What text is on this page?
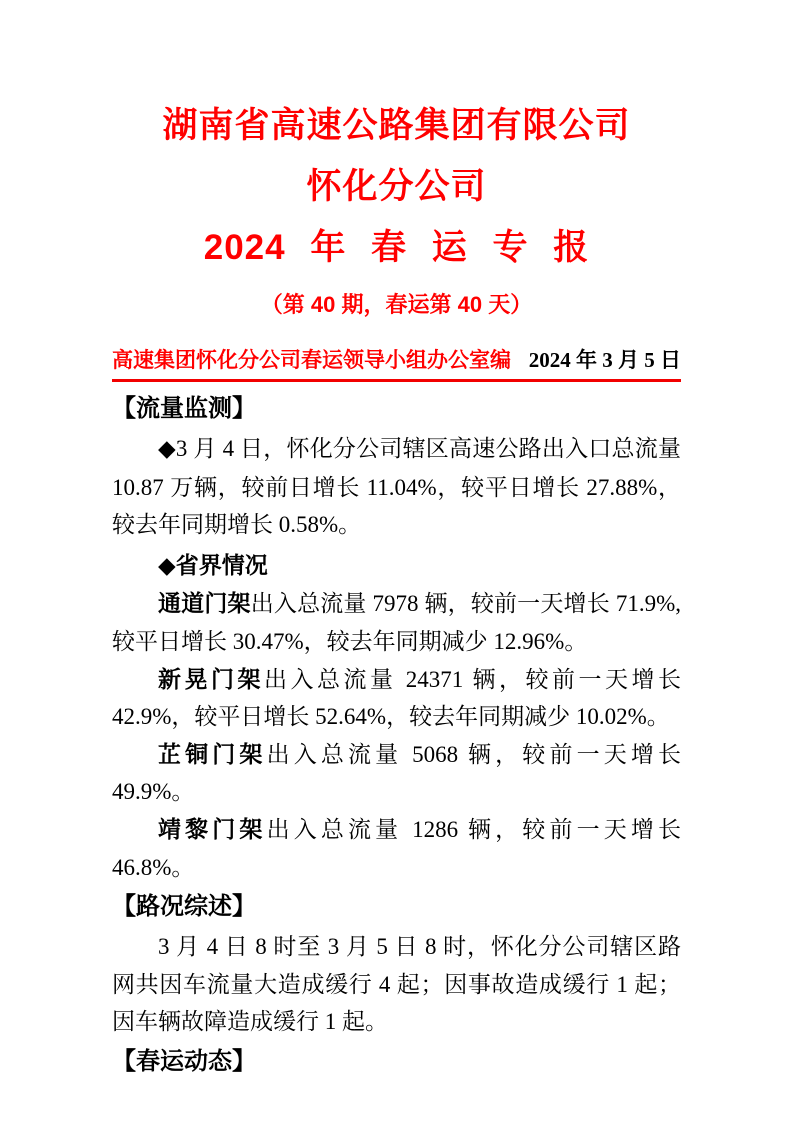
湖南省高速公路集团有限公司
怀化分公司
2024 年 春 运 专 报
（第 40 期，春运第 40 天）
高速集团怀化分公司春运领导小组办公室编 2024 年 3 月 5 日
【流量监测】

◆3 月 4 日，怀化分公司辖区高速公路出入口总流量 10.87 万辆，较前日增长 11.04%，较平日增长 27.88%，较去年同期增长 0.58%。

◆省界情况

通道门架出入总流量 7978 辆，较前一天增长 71.9%,较平日增长 30.47%，较去年同期减少 12.96%。

新晃门架出入总流量 24371 辆，较前一天增长 42.9%，较平日增长 52.64%，较去年同期减少 10.02%。

芷铜门架出入总流量 5068 辆，较前一天增长 49.9%。

靖黎门架出入总流量 1286 辆，较前一天增长 46.8%。

【路况综述】

3 月 4 日 8 时至 3 月 5 日 8 时，怀化分公司辖区路网共因车流量大造成缓行 4 起；因事故造成缓行 1 起；因车辆故障造成缓行 1 起。

【春运动态】
